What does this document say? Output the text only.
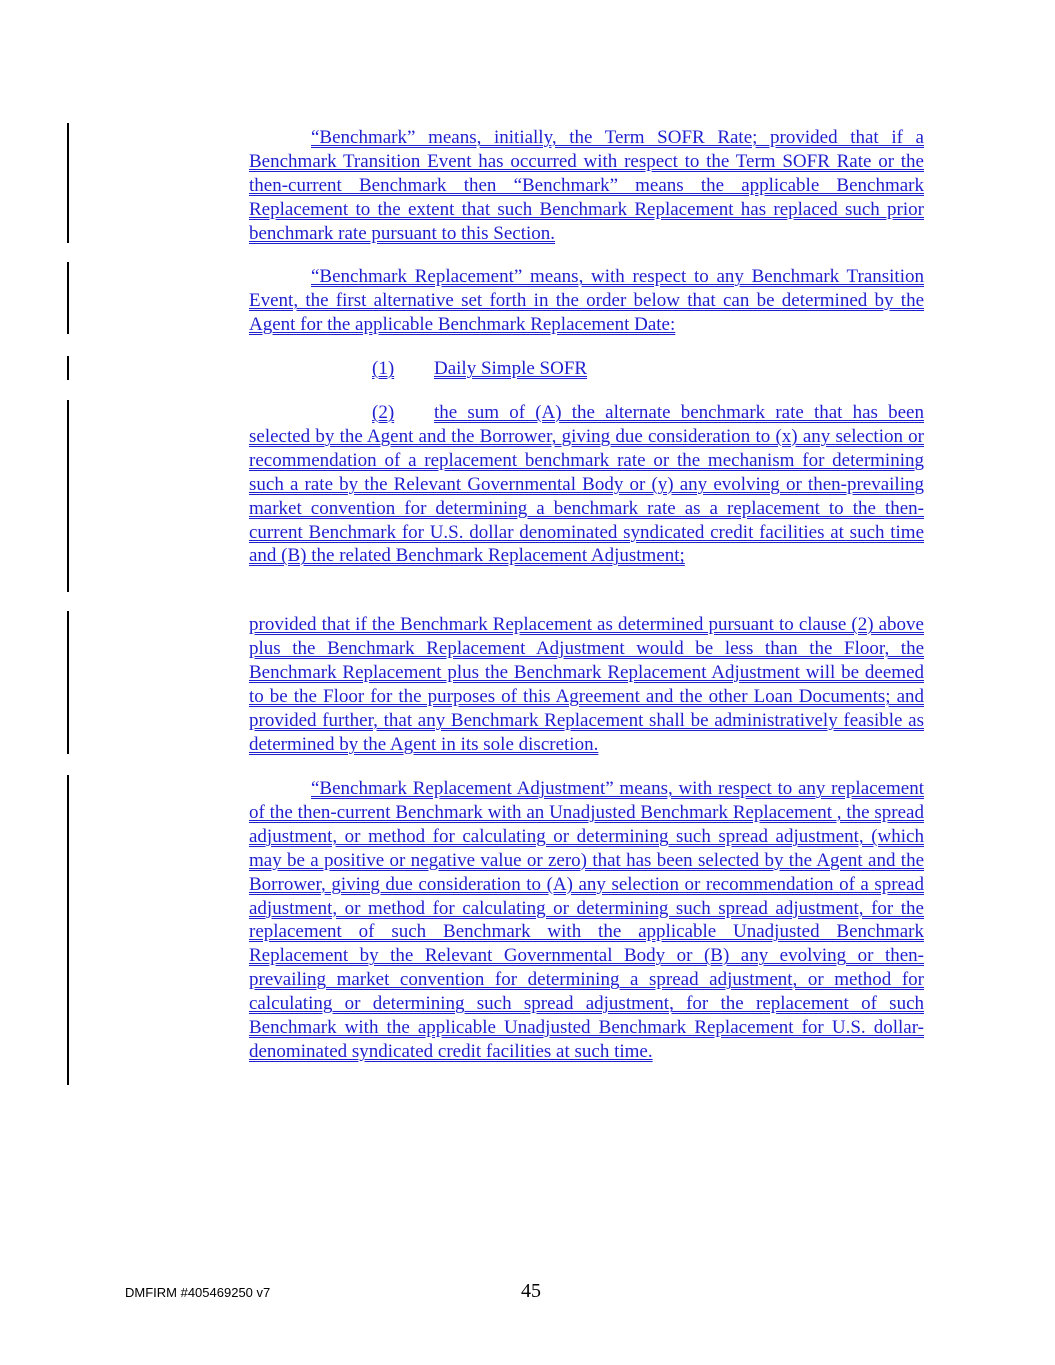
“Benchmark” means, initially, the Term SOFR Rate; provided that if a Benchmark Transition Event has occurred with respect to the Term SOFR Rate or the then-current Benchmark then “Benchmark” means the applicable Benchmark Replacement to the extent that such Benchmark Replacement has replaced such prior benchmark rate pursuant to this Section.

“Benchmark Replacement” means, with respect to any Benchmark Transition Event, the first alternative set forth in the order below that can be determined by the Agent for the applicable Benchmark Replacement Date:

(1) Daily Simple SOFR

(2) the sum of (A) the alternate benchmark rate that has been selected by the Agent and the Borrower, giving due consideration to (x) any selection or recommendation of a replacement benchmark rate or the mechanism for determining such a rate by the Relevant Governmental Body or (y) any evolving or then-prevailing market convention for determining a benchmark rate as a replacement to the then-current Benchmark for U.S. dollar denominated syndicated credit facilities at such time and (B) the related Benchmark Replacement Adjustment;

provided that if the Benchmark Replacement as determined pursuant to clause (2) above plus the Benchmark Replacement Adjustment would be less than the Floor, the Benchmark Replacement plus the Benchmark Replacement Adjustment will be deemed to be the Floor for the purposes of this Agreement and the other Loan Documents; and provided further, that any Benchmark Replacement shall be administratively feasible as determined by the Agent in its sole discretion.

“Benchmark Replacement Adjustment” means, with respect to any replacement of the then-current Benchmark with an Unadjusted Benchmark Replacement , the spread adjustment, or method for calculating or determining such spread adjustment, (which may be a positive or negative value or zero) that has been selected by the Agent and the Borrower, giving due consideration to (A) any selection or recommendation of a spread adjustment, or method for calculating or determining such spread adjustment, for the replacement of such Benchmark with the applicable Unadjusted Benchmark Replacement by the Relevant Governmental Body or (B) any evolving or then-prevailing market convention for determining a spread adjustment, or method for calculating or determining such spread adjustment, for the replacement of such Benchmark with the applicable Unadjusted Benchmark Replacement for U.S. dollar-denominated syndicated credit facilities at such time.

DMFIRM #405469250 v7	45
